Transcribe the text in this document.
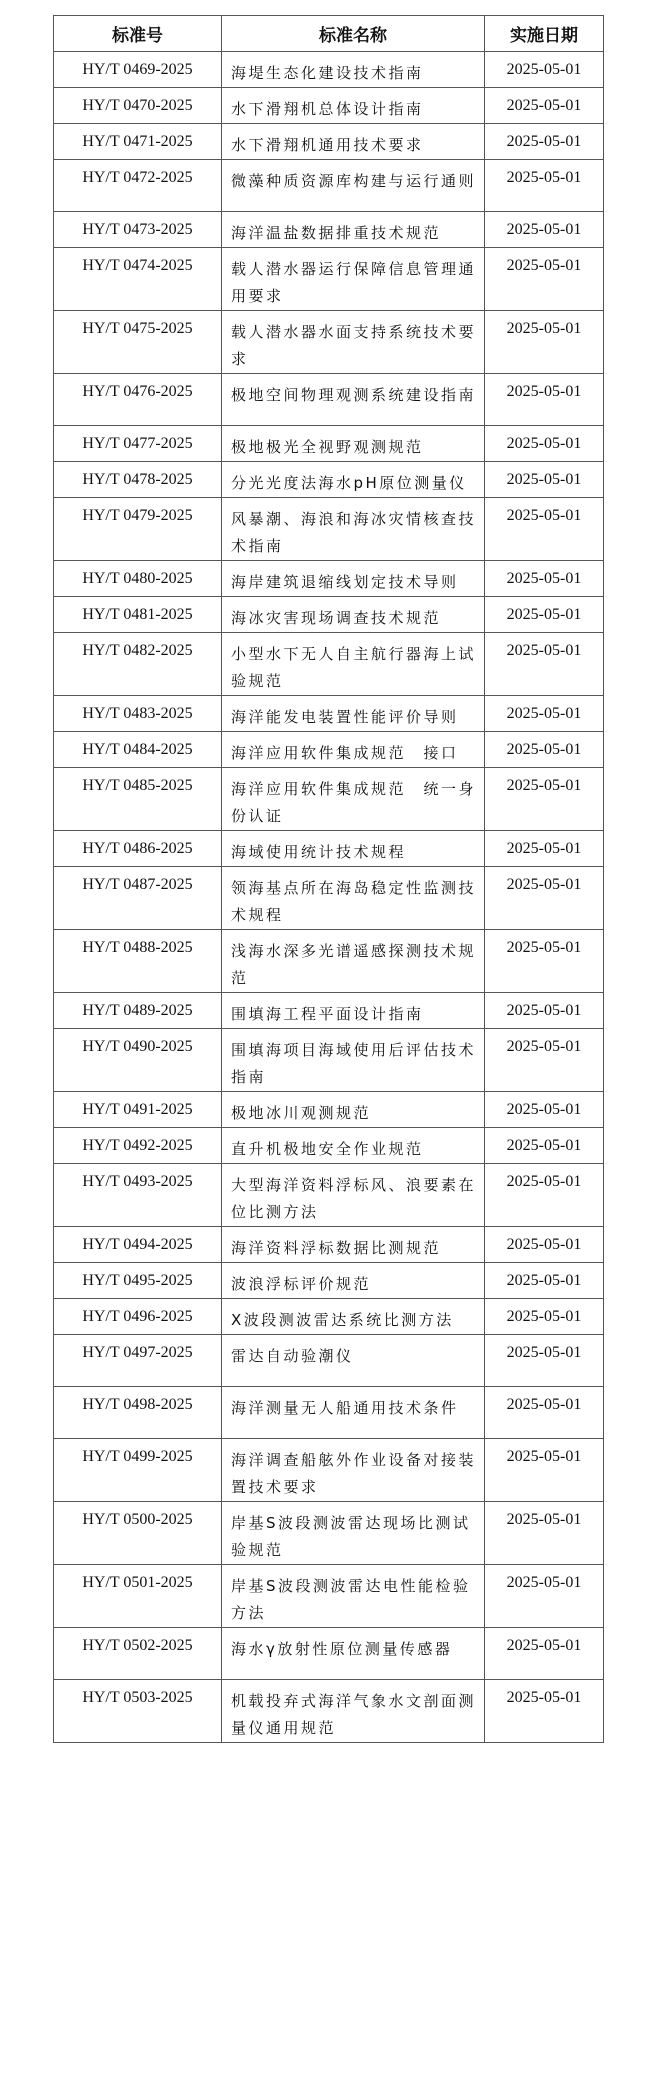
标准号	标准名称	实施日期
HY/T 0469-2025	海堤生态化建设技术指南	2025-05-01
HY/T 0470-2025	水下滑翔机总体设计指南	2025-05-01
HY/T 0471-2025	水下滑翔机通用技术要求	2025-05-01
HY/T 0472-2025	微藻种质资源库构建与运行通则	2025-05-01
HY/T 0473-2025	海洋温盐数据排重技术规范	2025-05-01
HY/T 0474-2025	载人潜水器运行保障信息管理通用要求	2025-05-01
HY/T 0475-2025	载人潜水器水面支持系统技术要求	2025-05-01
HY/T 0476-2025	极地空间物理观测系统建设指南	2025-05-01
HY/T 0477-2025	极地极光全视野观测规范	2025-05-01
HY/T 0478-2025	分光光度法海水pH原位测量仪	2025-05-01
HY/T 0479-2025	风暴潮、海浪和海冰灾情核查技术指南	2025-05-01
HY/T 0480-2025	海岸建筑退缩线划定技术导则	2025-05-01
HY/T 0481-2025	海冰灾害现场调查技术规范	2025-05-01
HY/T 0482-2025	小型水下无人自主航行器海上试验规范	2025-05-01
HY/T 0483-2025	海洋能发电装置性能评价导则	2025-05-01
HY/T 0484-2025	海洋应用软件集成规范　接口	2025-05-01
HY/T 0485-2025	海洋应用软件集成规范　统一身份认证	2025-05-01
HY/T 0486-2025	海域使用统计技术规程	2025-05-01
HY/T 0487-2025	领海基点所在海岛稳定性监测技术规程	2025-05-01
HY/T 0488-2025	浅海水深多光谱遥感探测技术规范	2025-05-01
HY/T 0489-2025	围填海工程平面设计指南	2025-05-01
HY/T 0490-2025	围填海项目海域使用后评估技术指南	2025-05-01
HY/T 0491-2025	极地冰川观测规范	2025-05-01
HY/T 0492-2025	直升机极地安全作业规范	2025-05-01
HY/T 0493-2025	大型海洋资料浮标风、浪要素在位比测方法	2025-05-01
HY/T 0494-2025	海洋资料浮标数据比测规范	2025-05-01
HY/T 0495-2025	波浪浮标评价规范	2025-05-01
HY/T 0496-2025	X波段测波雷达系统比测方法	2025-05-01
HY/T 0497-2025	雷达自动验潮仪	2025-05-01
HY/T 0498-2025	海洋测量无人船通用技术条件	2025-05-01
HY/T 0499-2025	海洋调查船舷外作业设备对接装置技术要求	2025-05-01
HY/T 0500-2025	岸基S波段测波雷达现场比测试验规范	2025-05-01
HY/T 0501-2025	岸基S波段测波雷达电性能检验方法	2025-05-01
HY/T 0502-2025	海水γ放射性原位测量传感器	2025-05-01
HY/T 0503-2025	机载投弃式海洋气象水文剖面测量仪通用规范	2025-05-01
